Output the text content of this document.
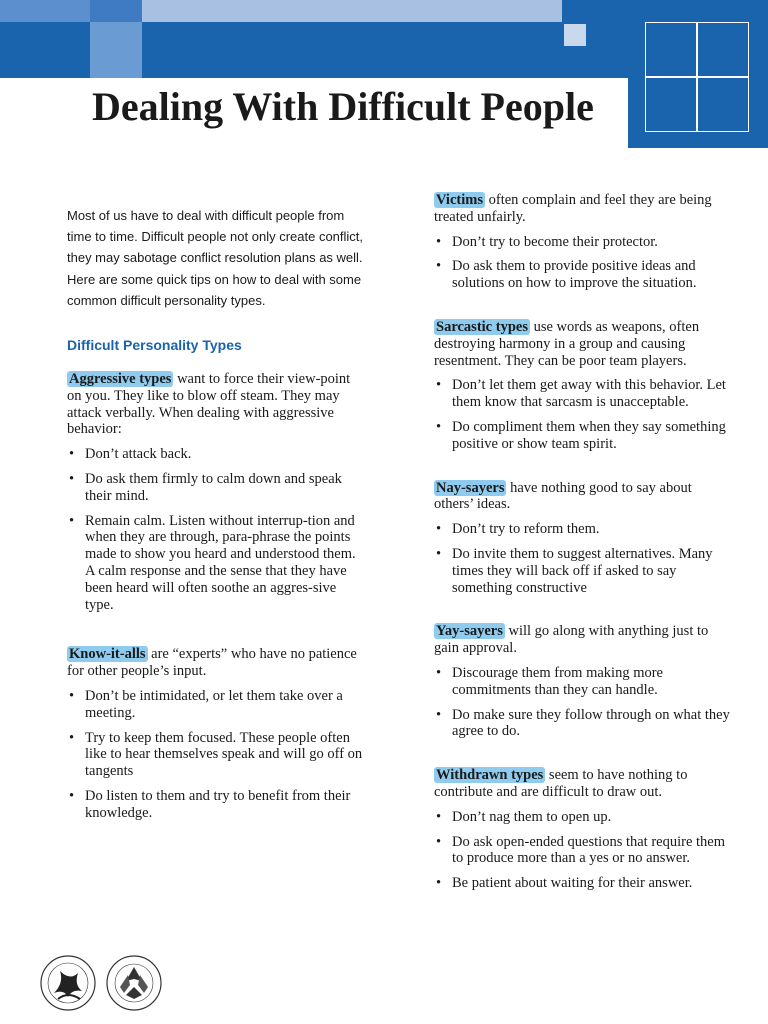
Dealing With Difficult People

Most of us have to deal with difficult people from time to time. Difficult people not only create conflict, they may sabotage conflict resolution plans as well. Here are some quick tips on how to deal with some common difficult personality types.

Difficult Personality Types

Aggressive types want to force their view-point on you. They like to blow off steam. They may attack verbally. When dealing with aggressive behavior:

• Don’t attack back.
• Do ask them firmly to calm down and speak their mind.
• Remain calm. Listen without interrup-tion and when they are through, para-phrase the points made to show you heard and understood them. A calm response and the sense that they have been heard will often soothe an aggres-sive type.

Know-it-alls are “experts” who have no patience for other people’s input.

• Don’t be intimidated, or let them take over a meeting.
• Try to keep them focused. These people often like to hear themselves speak and will go off on tangents
• Do listen to them and try to benefit from their knowledge.

Victims often complain and feel they are being treated unfairly.

• Don’t try to become their protector.
• Do ask them to provide positive ideas and solutions on how to improve the situation.

Sarcastic types use words as weapons, often destroying harmony in a group and causing resentment. They can be poor team players.

• Don’t let them get away with this behavior. Let them know that sarcasm is unacceptable.
• Do compliment them when they say something positive or show team spirit.

Nay-sayers have nothing good to say about others’ ideas.

• Don’t try to reform them.
• Do invite them to suggest alternatives. Many times they will back off if asked to say something constructive

Yay-sayers will go along with anything just to gain approval.

• Discourage them from making more commitments than they can handle.
• Do make sure they follow through on what they agree to do.

Withdrawn types seem to have nothing to contribute and are difficult to draw out.

• Don’t nag them to open up.
• Do ask open-ended questions that require them to produce more than a yes or no answer.
• Be patient about waiting for their answer.
